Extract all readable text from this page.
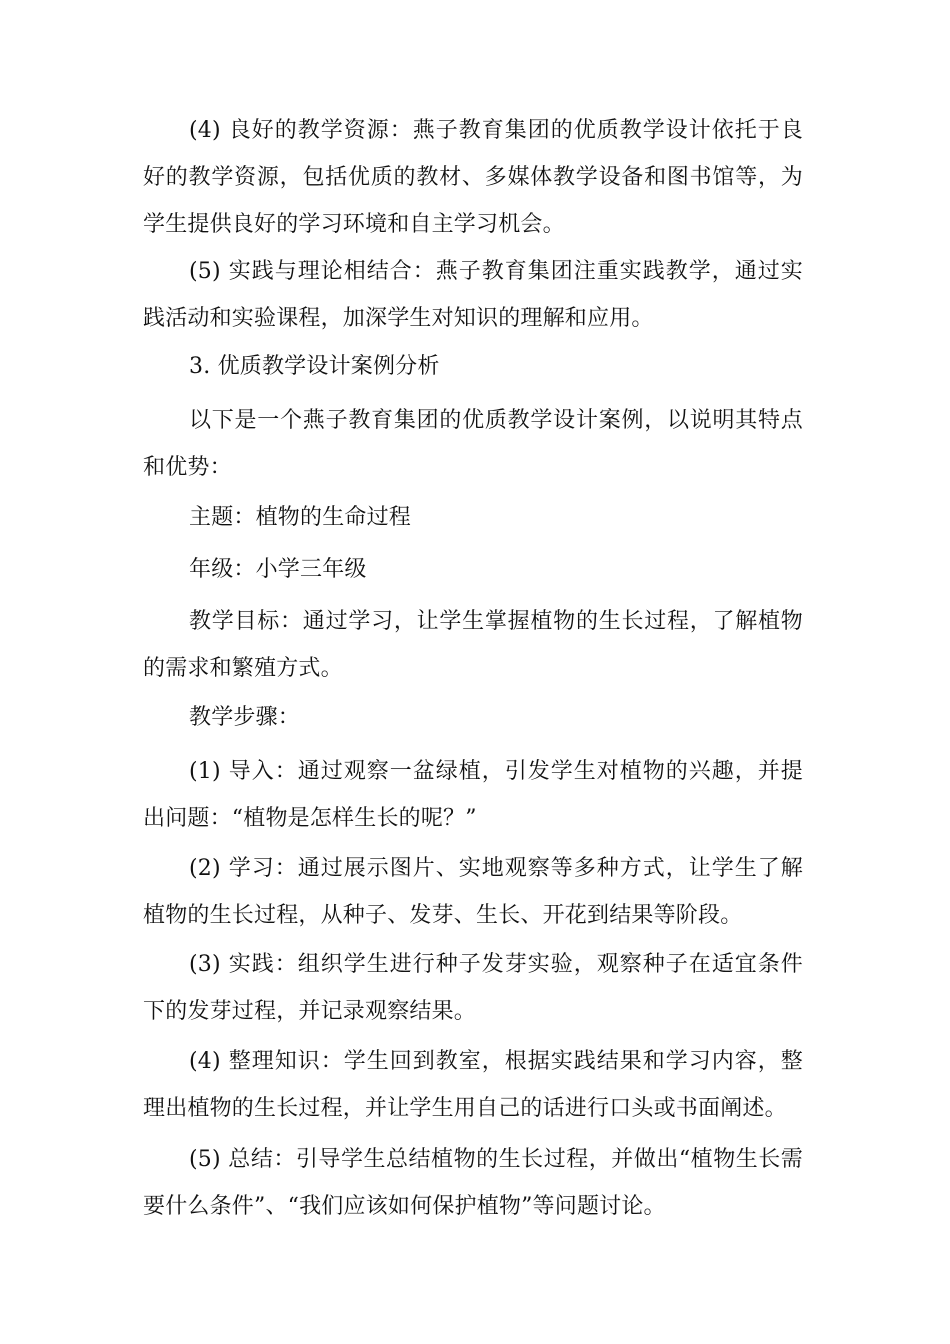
(4) 良好的教学资源：燕子教育集团的优质教学设计依托于良好的教学资源，包括优质的教材、多媒体教学设备和图书馆等，为学生提供良好的学习环境和自主学习机会。

(5) 实践与理论相结合：燕子教育集团注重实践教学，通过实践活动和实验课程，加深学生对知识的理解和应用。

3. 优质教学设计案例分析

以下是一个燕子教育集团的优质教学设计案例，以说明其特点和优势：

主题：植物的生命过程

年级：小学三年级

教学目标：通过学习，让学生掌握植物的生长过程，了解植物的需求和繁殖方式。

教学步骤：

(1) 导入：通过观察一盆绿植，引发学生对植物的兴趣，并提出问题：“植物是怎样生长的呢？”

(2) 学习：通过展示图片、实地观察等多种方式，让学生了解植物的生长过程，从种子、发芽、生长、开花到结果等阶段。

(3) 实践：组织学生进行种子发芽实验，观察种子在适宜条件下的发芽过程，并记录观察结果。

(4) 整理知识：学生回到教室，根据实践结果和学习内容，整理出植物的生长过程，并让学生用自己的话进行口头或书面阐述。

(5) 总结：引导学生总结植物的生长过程，并做出“植物生长需要什么条件”、“我们应该如何保护植物”等问题讨论。
